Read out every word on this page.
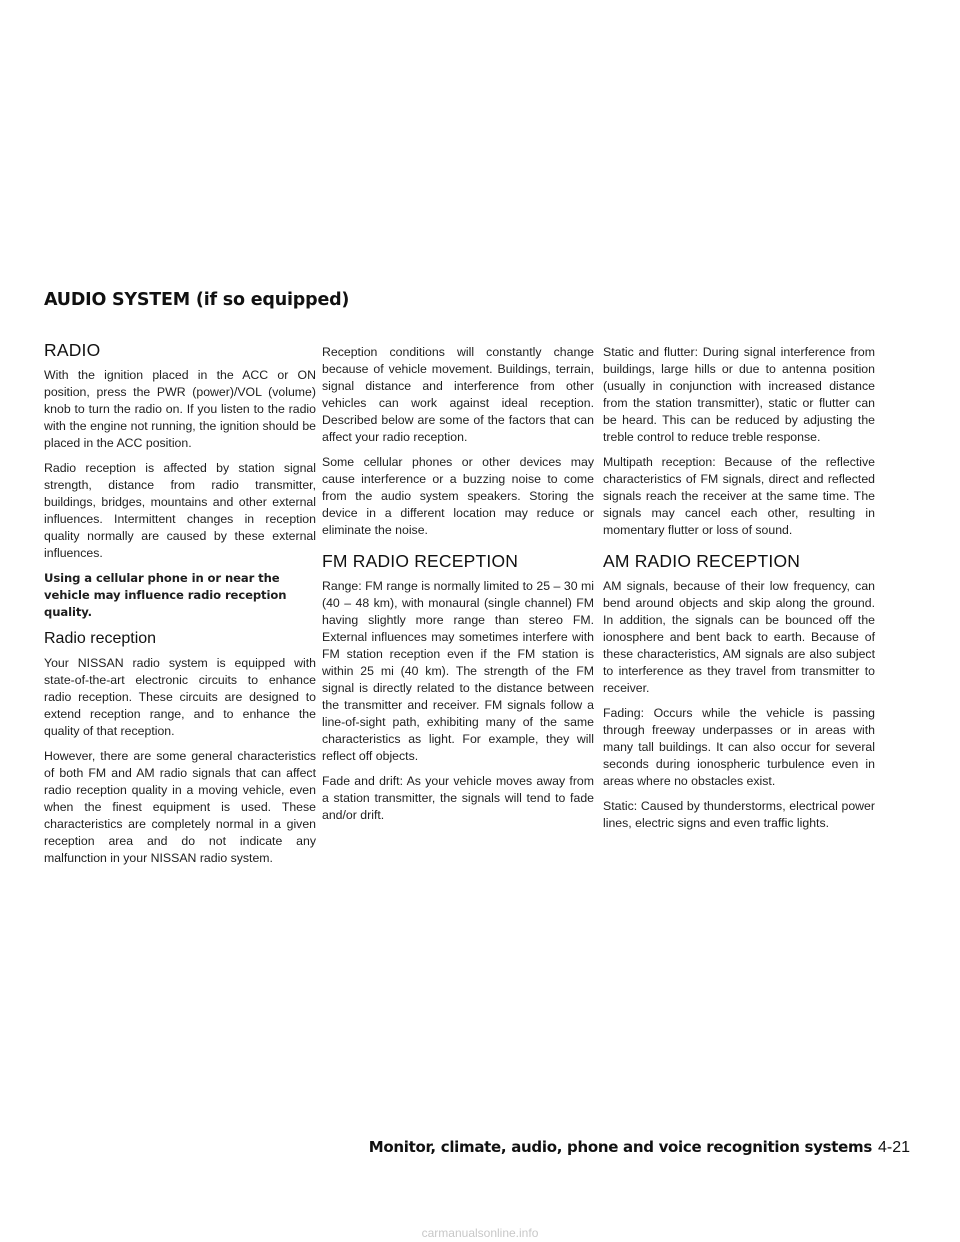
AUDIO SYSTEM (if so equipped)
RADIO

With the ignition placed in the ACC or ON position, press the PWR (power)/VOL (volume) knob to turn the radio on. If you listen to the radio with the engine not running, the ignition should be placed in the ACC position.

Radio reception is affected by station signal strength, distance from radio transmitter, buildings, bridges, mountains and other external influences. Intermittent changes in reception quality normally are caused by these external influences.

Using a cellular phone in or near the vehicle may influence radio reception quality.

Radio reception

Your NISSAN radio system is equipped with state-of-the-art electronic circuits to enhance radio reception. These circuits are designed to extend reception range, and to enhance the quality of that reception.

However, there are some general characteristics of both FM and AM radio signals that can affect radio reception quality in a moving vehicle, even when the finest equipment is used. These characteristics are completely normal in a given reception area and do not indicate any malfunction in your NISSAN radio system.

Reception conditions will constantly change because of vehicle movement. Buildings, terrain, signal distance and interference from other vehicles can work against ideal reception. Described below are some of the factors that can affect your radio reception.

Some cellular phones or other devices may cause interference or a buzzing noise to come from the audio system speakers. Storing the device in a different location may reduce or eliminate the noise.

FM RADIO RECEPTION

Range: FM range is normally limited to 25 – 30 mi (40 – 48 km), with monaural (single channel) FM having slightly more range than stereo FM. External influences may sometimes interfere with FM station reception even if the FM station is within 25 mi (40 km). The strength of the FM signal is directly related to the distance between the transmitter and receiver. FM signals follow a line-of-sight path, exhibiting many of the same characteristics as light. For example, they will reflect off objects.

Fade and drift: As your vehicle moves away from a station transmitter, the signals will tend to fade and/or drift.

Static and flutter: During signal interference from buildings, large hills or due to antenna position (usually in conjunction with increased distance from the station transmitter), static or flutter can be heard. This can be reduced by adjusting the treble control to reduce treble response.

Multipath reception: Because of the reflective characteristics of FM signals, direct and reflected signals reach the receiver at the same time. The signals may cancel each other, resulting in momentary flutter or loss of sound.

AM RADIO RECEPTION

AM signals, because of their low frequency, can bend around objects and skip along the ground. In addition, the signals can be bounced off the ionosphere and bent back to earth. Because of these characteristics, AM signals are also subject to interference as they travel from transmitter to receiver.

Fading: Occurs while the vehicle is passing through freeway underpasses or in areas with many tall buildings. It can also occur for several seconds during ionospheric turbulence even in areas where no obstacles exist.

Static: Caused by thunderstorms, electrical power lines, electric signs and even traffic lights.

Monitor, climate, audio, phone and voice recognition systems 4-21
carmanualsonline.info
